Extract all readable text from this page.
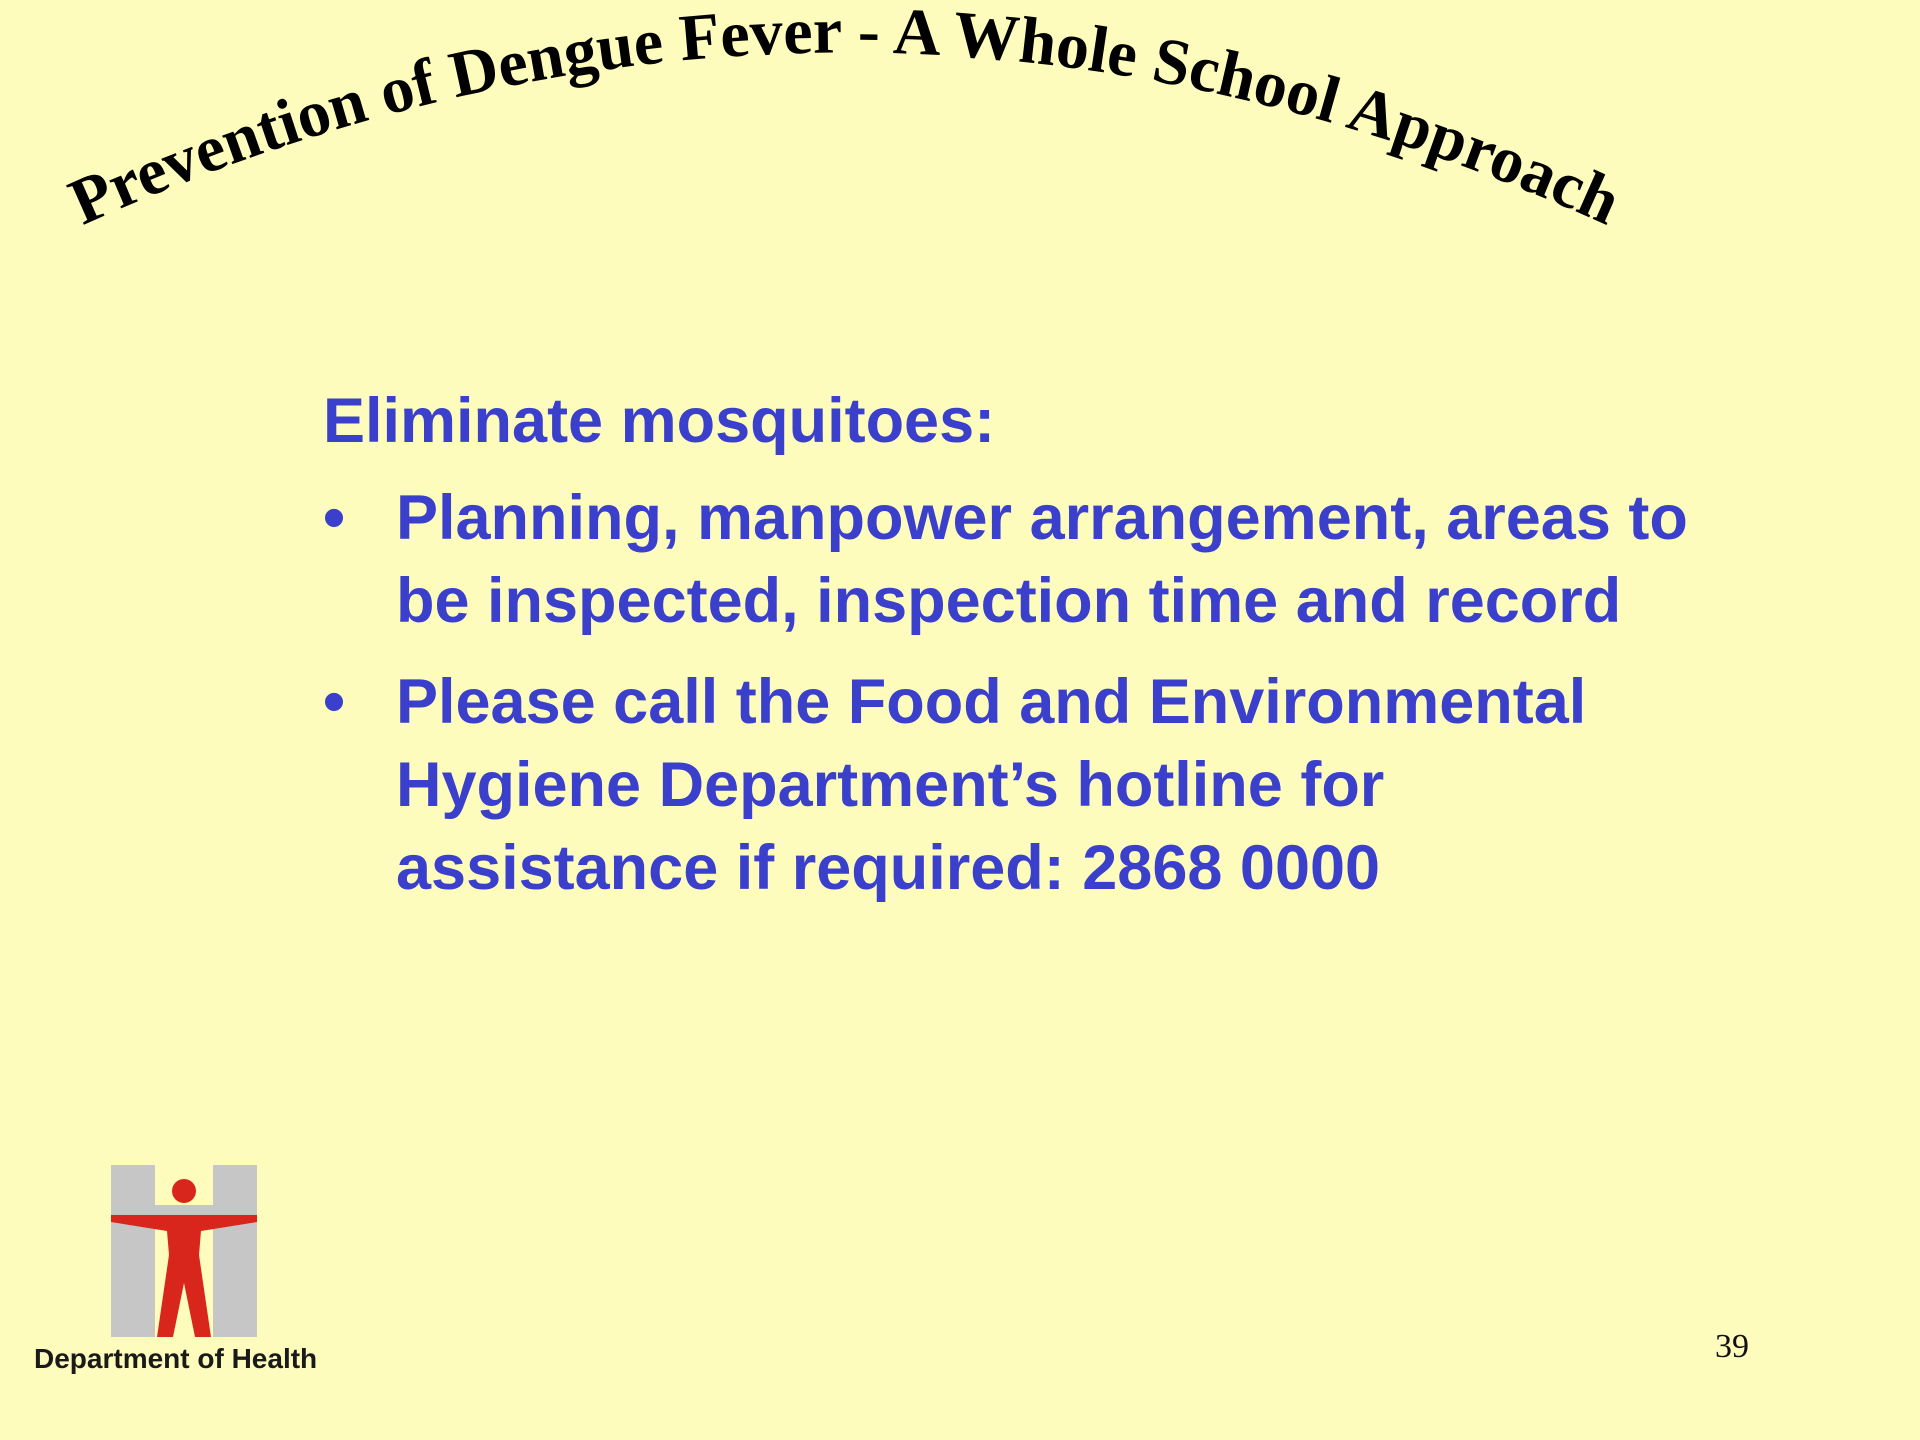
Prevention of Dengue Fever - A Whole School Approach
Eliminate mosquitoes:
• Planning, manpower arrangement, areas to be inspected, inspection time and record
• Please call the Food and Environmental Hygiene Department’s hotline for assistance if required: 2868 0000
Department of Health	39
